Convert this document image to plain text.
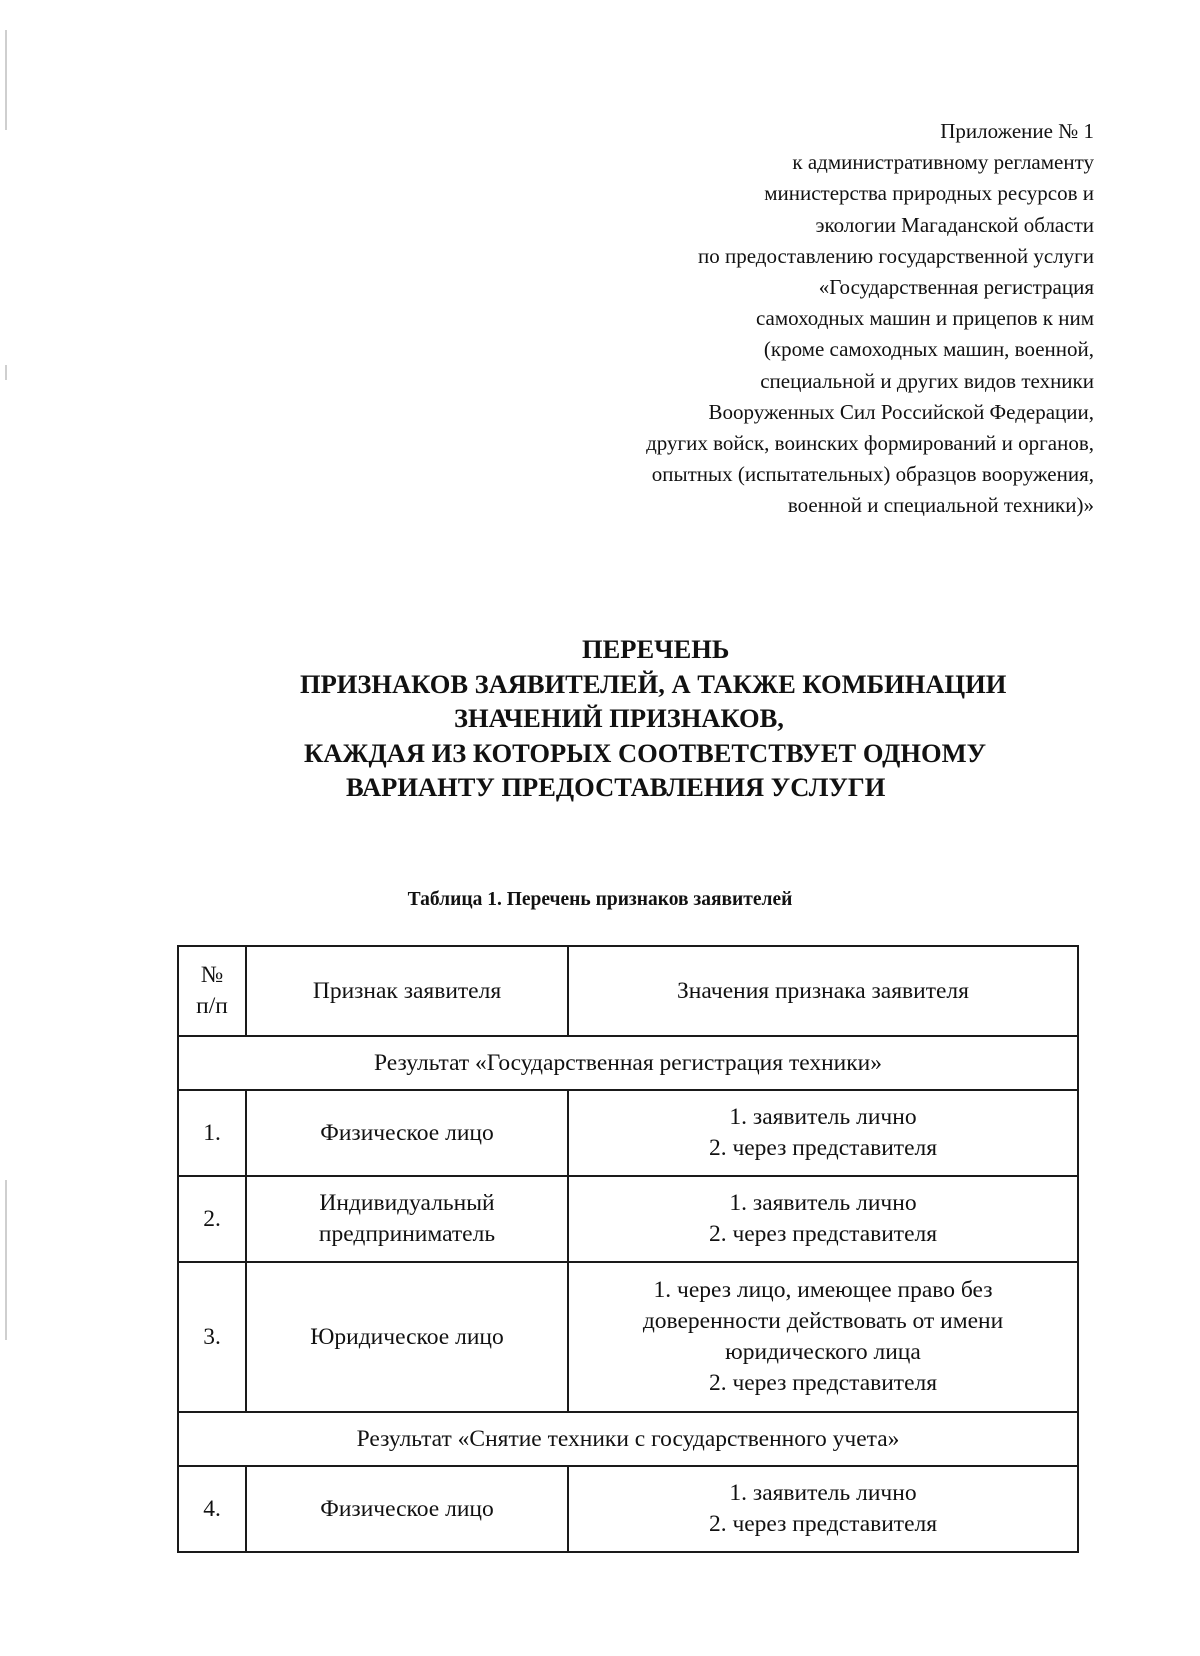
Приложение № 1
к административному регламенту
министерства природных ресурсов и
экологии Магаданской области
по предоставлению государственной услуги
«Государственная регистрация
самоходных машин и прицепов к ним
(кроме самоходных машин, военной,
специальной и других видов техники
Вооруженных Сил Российской Федерации,
других войск, воинских формирований и органов,
опытных (испытательных) образцов вооружения,
военной и специальной техники)»
ПЕРЕЧЕНЬ
ПРИЗНАКОВ ЗАЯВИТЕЛЕЙ, А ТАКЖЕ КОМБИНАЦИИ
ЗНАЧЕНИЙ ПРИЗНАКОВ,
КАЖДАЯ ИЗ КОТОРЫХ СООТВЕТСТВУЕТ ОДНОМУ
ВАРИАНТУ ПРЕДОСТАВЛЕНИЯ УСЛУГИ
Таблица 1. Перечень признаков заявителей
№
п/п	Признак заявителя	Значения признака заявителя
Результат «Государственная регистрация техники»		
1.	Физическое лицо	1. заявитель лично
2. через представителя

2.	Индивидуальный
предприниматель	1. заявитель лично
2. через представителя

3.	Юридическое лицо	1. через лицо, имеющее право без
доверенности действовать от имени
юридического лица
2. через представителя

Результат «Снятие техники с государственного учета»		
4.	Физическое лицо	1. заявитель лично
2. через представителя
